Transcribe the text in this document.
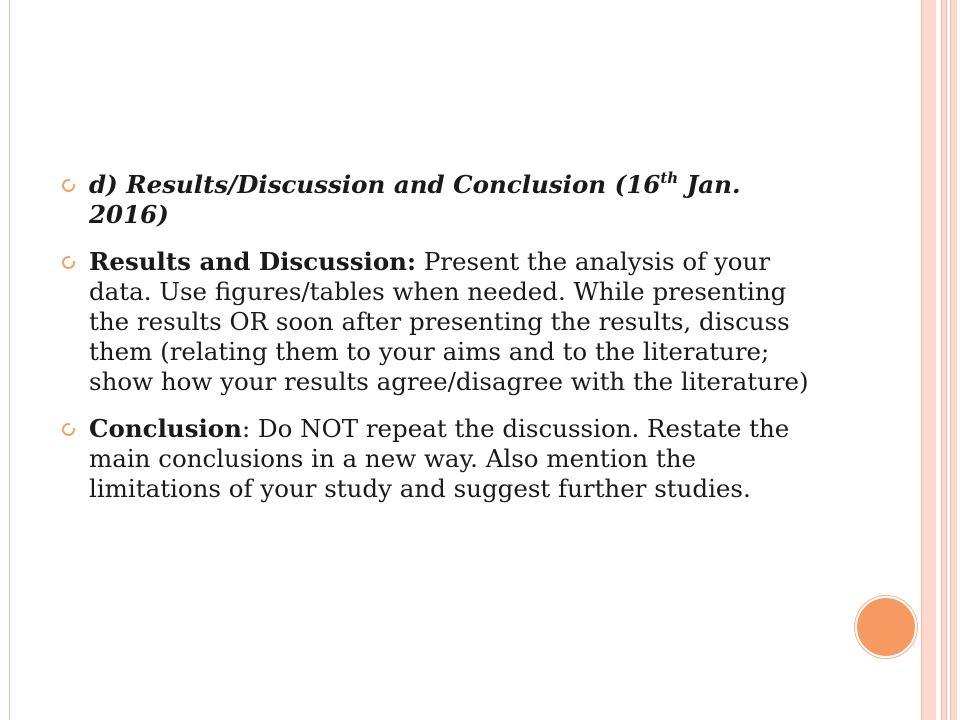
d) Results/Discussion and Conclusion (16th Jan. 2016)
Results and Discussion: Present the analysis of your data. Use figures/tables when needed. While presenting the results OR soon after presenting the results, discuss them (relating them to your aims and to the literature; show how your results agree/disagree with the literature)
Conclusion: Do NOT repeat the discussion. Restate the main conclusions in a new way. Also mention the limitations of your study and suggest further studies.
